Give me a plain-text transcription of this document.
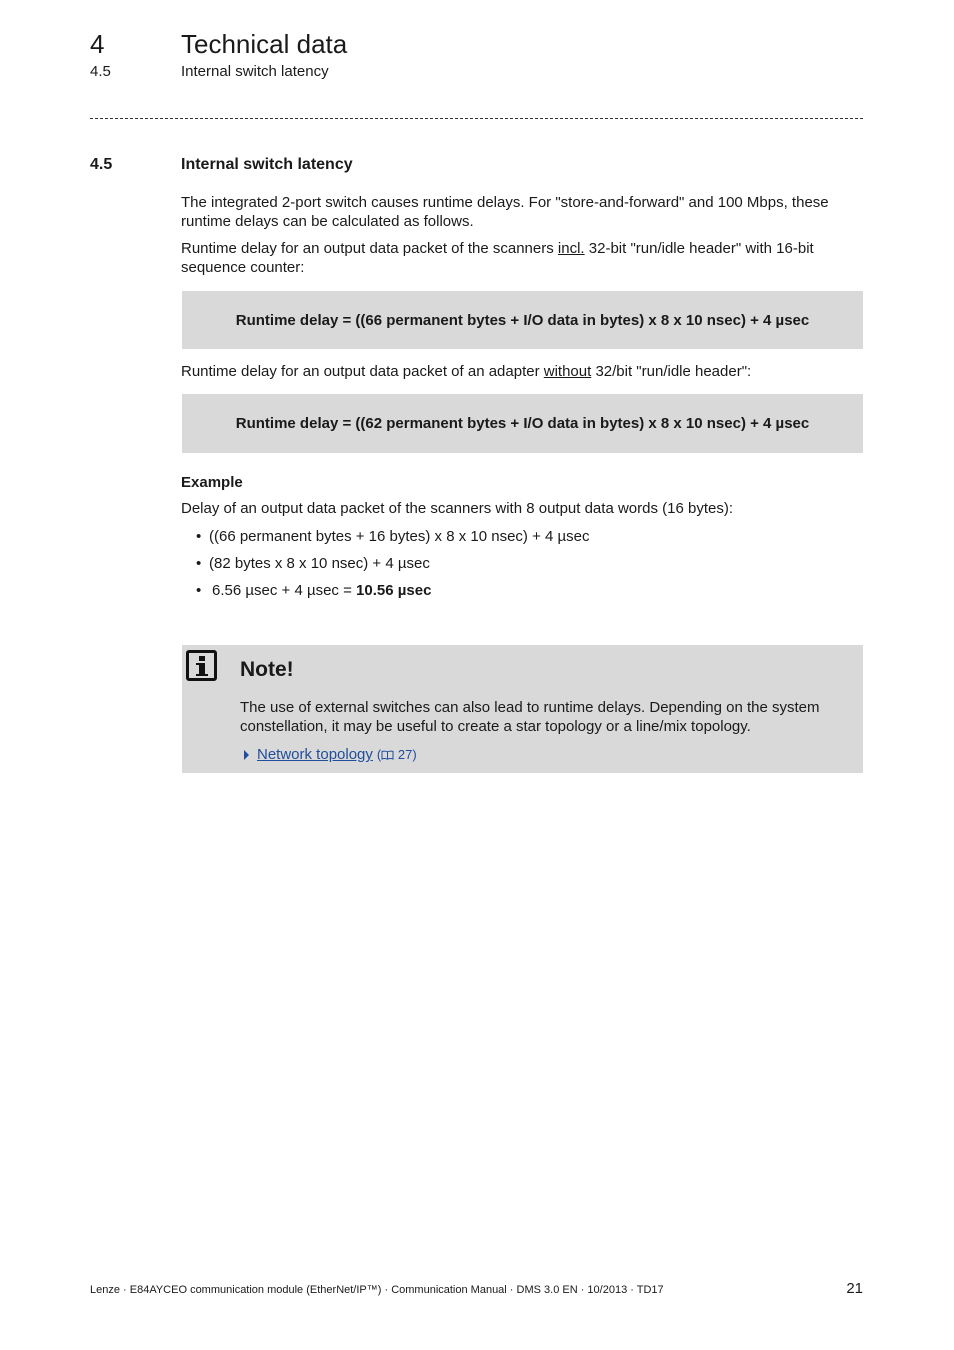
4	Technical data
4.5	Internal switch latency
4.5	Internal switch latency
The integrated 2-port switch causes runtime delays. For "store-and-forward" and 100 Mbps, these runtime delays can be calculated as follows.
Runtime delay for an output data packet of the scanners incl. 32-bit "run/idle header" with 16-bit sequence counter:
Runtime delay = ((66 permanent bytes + I/O data in bytes) x 8 x 10 nsec) + 4 µsec
Runtime delay for an output data packet of an adapter without 32/bit "run/idle header":
Runtime delay = ((62 permanent bytes + I/O data in bytes) x 8 x 10 nsec) + 4 µsec
Example
Delay of an output data packet of the scanners with 8 output data words (16 bytes):
• ((66 permanent bytes + 16 bytes) x 8 x 10 nsec) + 4 µsec
• (82 bytes x 8 x 10 nsec) + 4 µsec
• 6.56 µsec + 4 µsec = 10.56 µsec
Note!
The use of external switches can also lead to runtime delays. Depending on the system constellation, it may be useful to create a star topology or a line/mix topology.
Network topology ( 27)
Lenze · E84AYCEO communication module (EtherNet/IP™) · Communication Manual · DMS 3.0 EN · 10/2013 · TD17	21
